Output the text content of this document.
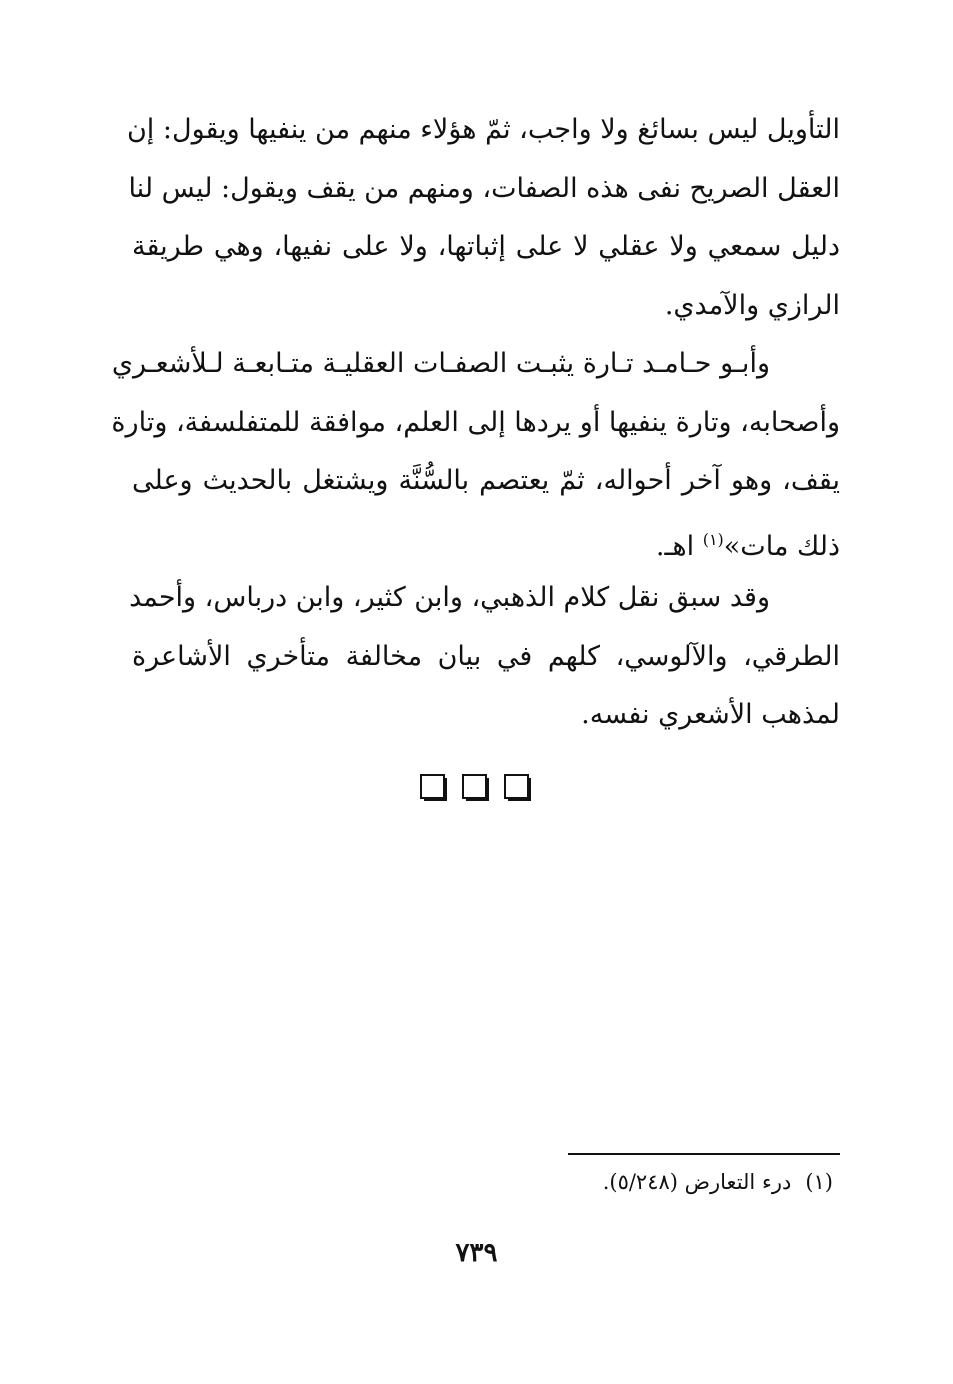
التأويل ليس بسائغ ولا واجب، ثمّ هؤلاء منهم من ينفيها ويقول: إن
العقل الصريح نفى هذه الصفات، ومنهم من يقف ويقول: ليس لنا
دليل سمعي ولا عقلي لا على إثباتها، ولا على نفيها، وهي طريقة
الرازي والآمدي.
وأبـو حـامـد تـارة يثبـت الصفـات العقليـة متـابعـة لـلأشعـري
وأصحابه، وتارة ينفيها أو يردها إلى العلم، موافقة للمتفلسفة، وتارة
يقف، وهو آخر أحواله، ثمّ يعتصم بالسُّنَّة ويشتغل بالحديث وعلى
ذلك مات»$^{(١)}$ اهـ.
وقد سبق نقل كلام الذهبي، وابن كثير، وابن درباس، وأحمد
الطرقي، والآلوسي، كلهم في بيان مخالفة متأخري الأشاعرة
لمذهب الأشعري نفسه.

(١)درء التعارض (٥/٢٤٨).
٧٣٩
